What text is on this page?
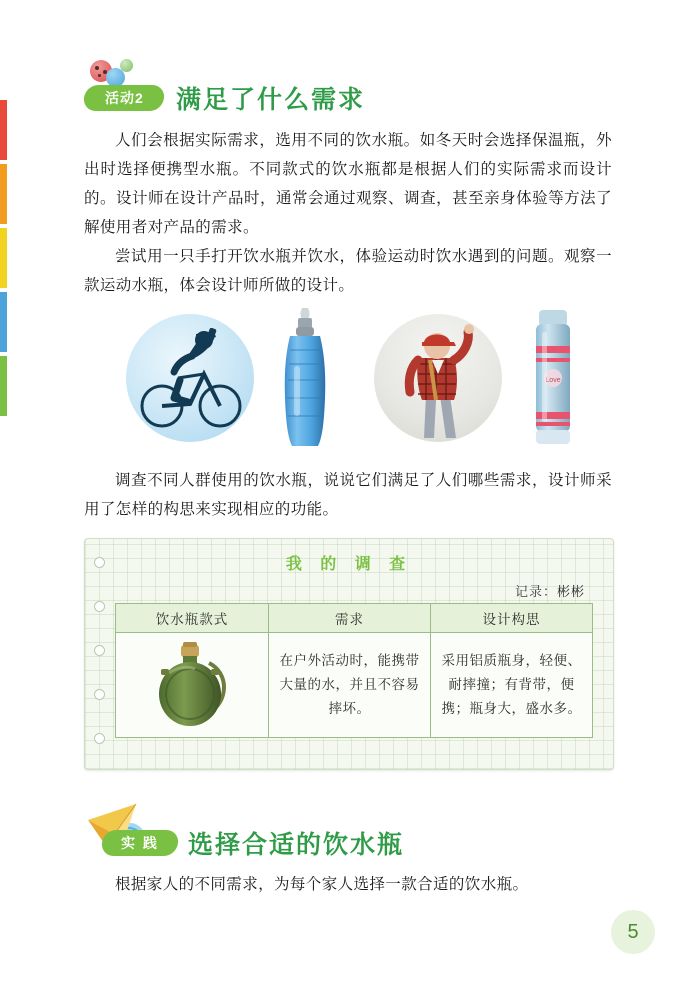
活动2	满足了什么需求

人们会根据实际需求，选用不同的饮水瓶。如冬天时会选择保温瓶，外出时选择便携型水瓶。不同款式的饮水瓶都是根据人们的实际需求而设计的。设计师在设计产品时，通常会通过观察、调查，甚至亲身体验等方法了解使用者对产品的需求。

尝试用一只手打开饮水瓶并饮水，体验运动时饮水遇到的问题。观察一款运动水瓶，体会设计师所做的设计。

Love

调查不同人群使用的饮水瓶，说说它们满足了人们哪些需求，设计师采用了怎样的构思来实现相应的功能。

我 的 调 查
记录：彬彬
饮水瓶款式	需求	设计构思

	在户外活动时，能携带大量的水，并且不容易摔坏。	采用铝质瓶身，轻便、耐摔撞；有背带，便携；瓶身大，盛水多。
实 践	选择合适的饮水瓶

根据家人的不同需求，为每个家人选择一款合适的饮水瓶。

5
